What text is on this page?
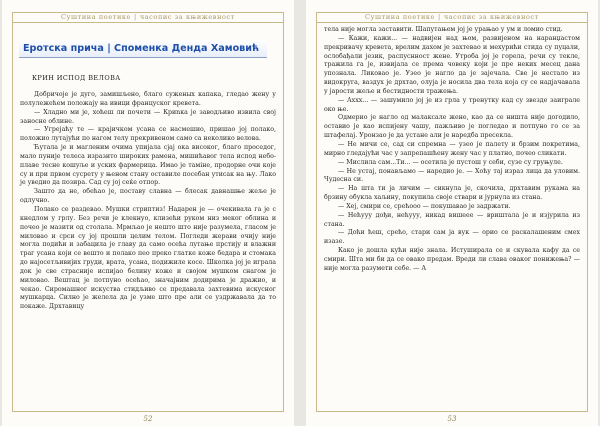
Суштина поетике | часопис за књижевност
Еротска прича | Споменка Денда Хамовић
КРИН ИСПОД ВЕЛОВА

Добричоје је дуго, замишљено, благо суженых капака, гледао жену у полулежећем положају на ивици француског кревета.

— Хладно ми је, хоћеш ли почети — Криnка је заводљиво извила свој заносне облине.

— Угрејаћу те — крајичком усана се насмешио, пришао јој полако, положио лутајући по нагом телу прекривеном само са неколико велова.

Ћутала је и магленим очима упијала сјај ока високог, благо проседог, мало пуније телеса изразито широких рамена, мишићавог тела испод небоплаве тесне кошуље и уских фармерица. Имао је таміне, продорне очи које су и при првом сусрету у њеном стану оставиле посебан утисак на њу. Лако је уведио да позира. Сад су јој сеќе отпор.

Зашто да не, обећао је, поставу славна — блесак давнашње жеље је одлучно.

Полако се раздевао. Мушки стриптиз! Надарен је — очекивала га је с кнедлом у грлу. Без речи је клекнуо, клизећи руком низ меког облина и почео је мазити од столала. Мрмљао је нешто што није разумела, гласом је миловао и срси су јој прошли целим телом. Погледи жерави очију није могла подићи и забацила је главу да само осећа лутање прстију и влажни траг усана који се вешто и полако пео преко глатке коже бедара и стомака до најосетљивијих груди, врата, усана, подижиле косе. Школка јој је играла док је све страсније испијао белину коже и својом мушком снагом је миловао. Вештац је потпуно осећао, значајним додирима је дражио, и чекао. Сиромашног искуства стидљиво се предавала захтевима искусног мушкарца. Силно је желела да је узме што пре али се уздржавала да то покаже. Дрхтавицу

52
Суштина поетике | часопис за књижевност

тела није могла заставити. Шапутањем јој је урањао у ум и ломио стид.

— Кажи, кажи... — надвијен над њом, развијеном на наранџастом прекривачу кревета, врелим дахом је захтевао и мехурићи стида су пуцали, ослобађали језик, распуснност жене. Утроба јој је горела, речи су текле, тражила га је, извијала се према човеку који је пре неких месец дана упознала. Ликовао је. Узео је нагло да је зајечала. Све је нестало из видокруга, ваздух је дрхтао, олуја је носила два тела која су се надјачавала у јарости жеље и бестидности тражења.

— Аххх... — зашумило јој је из грла у тренутку кад су звезде заиграле око ње.

Одмерио је нагло од малаксале жене, као да се ништа није догодило, оставио је као испијену чашу, пажљиво је погледао и потпуно го се за штафелај. Уронзао је да устане али је наредба пресекла.

— Не мичи се, сад си спремна — узео је палету и брзим покретима, мирно гледајући час у запрепашћену жену час у платно, почео сликати.

— Мислила сам...Ти... — осетила је пустош у себи, сузе су груњуле.

— Не устај, понављамо — наредио је. — Хоћу тај израз лица да уловим. Чудесна си.

— На шта ти ја личим — сикнула је, скочила, дрхтавим рукама на брзину обукла хаљину, покупила своје ствари и јурнула из стана.

— Хеј, смири се, срећооо — покушавао је задржати.

— Нећууу дођи, нећууу, никад вишеее — вриштала је и изјурила из стана.

— Доћи ћеш, срећо, стари сам ја вук — орио се раскалашеним смех изазе.

Како је дошла кући није знала. Истуширала се и скувала кафу да се смири. Шта ми би да се овако предам. Вреди ли слава оваког понижења? — није могла разумети себе. — А

53
